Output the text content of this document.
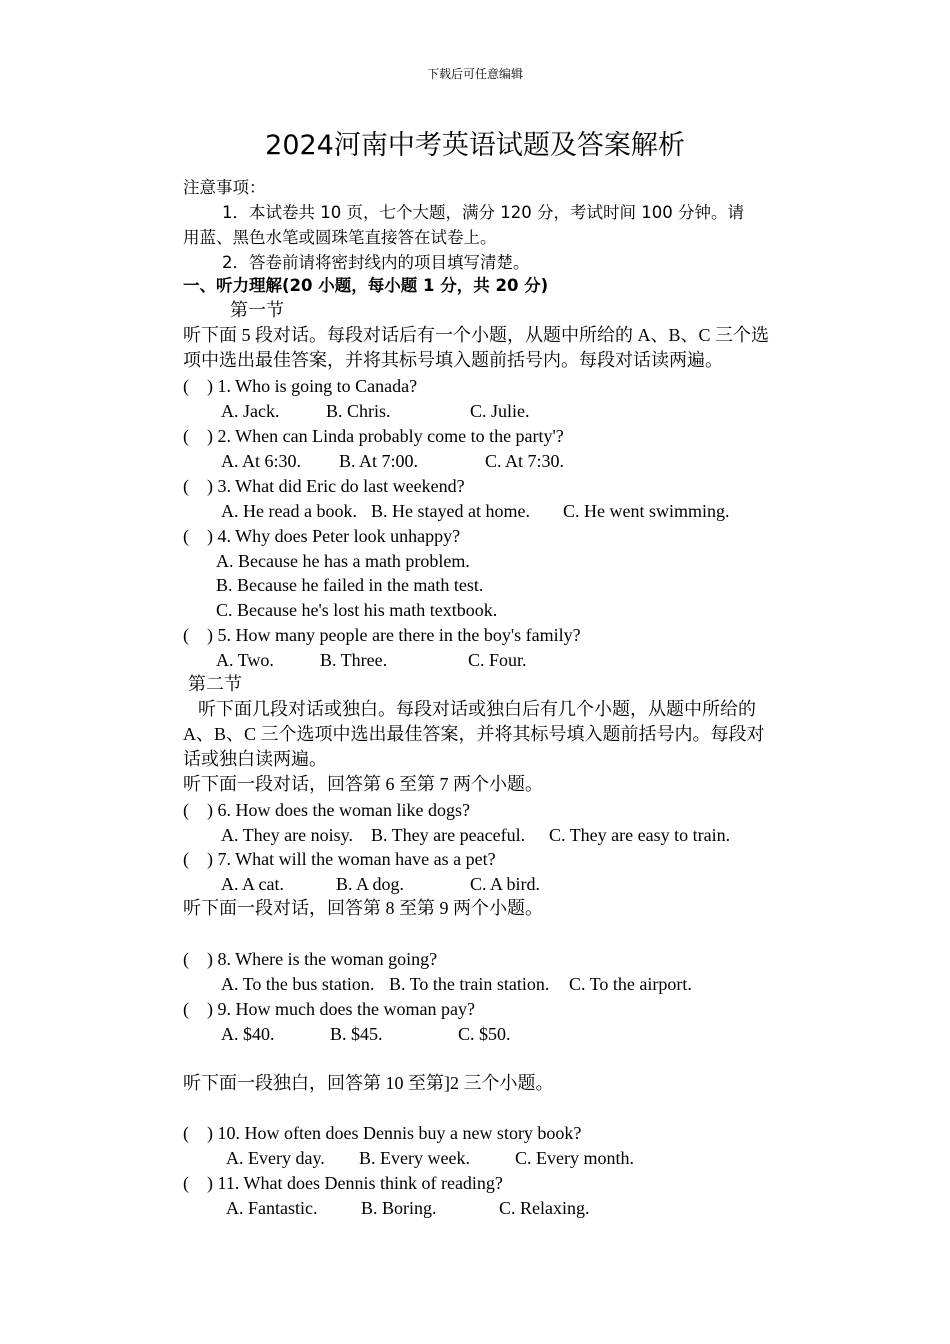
下载后可任意编辑
2024河南中考英语试题及答案解析
注意事项：
1．本试卷共 10 页，七个大题，满分 120 分，考试时间 100 分钟。请
用蓝、黑色水笔或圆珠笔直接答在试卷上。
2．答卷前请将密封线内的项目填写清楚。
一、听力理解(20 小题，每小题 1 分，共 20 分)
第一节
听下面 5 段对话。每段对话后有一个小题，从题中所给的 A、B、C 三个选
项中选出最佳答案，并将其标号填入题前括号内。每段对话读两遍。
(    ) 1. Who is going to Canada?
A. Jack.	B. Chris.	C. Julie.
(    ) 2. When can Linda probably come to the party'?
A. At 6:30. B. At 7:00.	C. At 7:30.
(    ) 3. What did Eric do last weekend?
A. He read a book. B. He stayed at home. C. He went swimming.
(    ) 4. Why does Peter look unhappy?
A. Because he has a math problem.
B. Because he failed in the math test.
C. Because he's lost his math textbook.
(    ) 5. How many people are there in the boy's family?
A. Two.	B. Three.	C. Four.
第二节
听下面几段对话或独白。每段对话或独白后有几个小题，从题中所给的
A、B、C 三个选项中选出最佳答案，并将其标号填入题前括号内。每段对
话或独白读两遍。
听下面一段对话，回答第 6 至第 7 两个小题。
(    ) 6. How does the woman like dogs?
A. They are noisy. B. They are peaceful. C. They are easy to train.
(    ) 7. What will the woman have as a pet?
A. A cat.	B. A dog.	C. A bird.
听下面一段对话，回答第 8 至第 9 两个小题。
(    ) 8. Where is the woman going?
A. To the bus station. B. To the train station. C. To the airport.
(    ) 9. How much does the woman pay?
A. $40.	B. $45.	C. $50.
听下面一段独白，回答第 10 至第]2 三个小题。
(    ) 10. How often does Dennis buy a new story book?
A. Every day. B. Every week.	C. Every month.
(    ) 11. What does Dennis think of reading?
A. Fantastic. B. Boring.	C. Relaxing.
